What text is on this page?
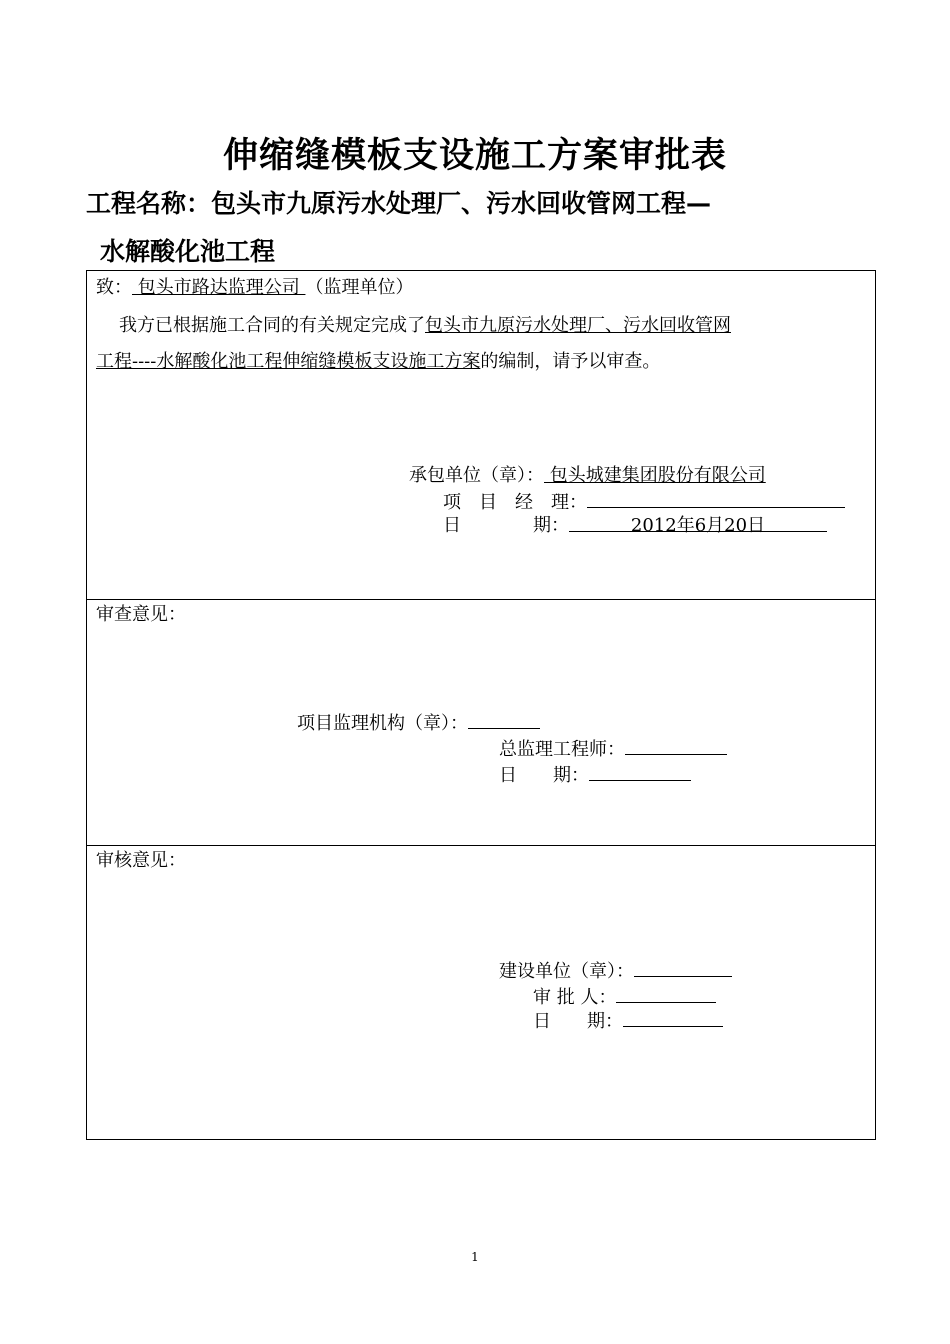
伸缩缝模板支设施工方案审批表
工程名称：包头市九原污水处理厂、污水回收管网工程—
水解酸化池工程
致： 包头市路达监理公司 （监理单位）
我方已根据施工合同的有关规定完成了包头市九原污水处理厂、污水回收管网
工程----水解酸化池工程伸缩缝模板支设施工方案的编制，请予以审查。
承包单位（章）： 包头城建集团股份有限公司
项　目　经　理：
日　　　　期：	2012年6月20日
审查意见：
项目监理机构（章）：
总监理工程师：
日　　期：
审核意见：
建设单位（章）：
审 批 人：
日　　期：
1
